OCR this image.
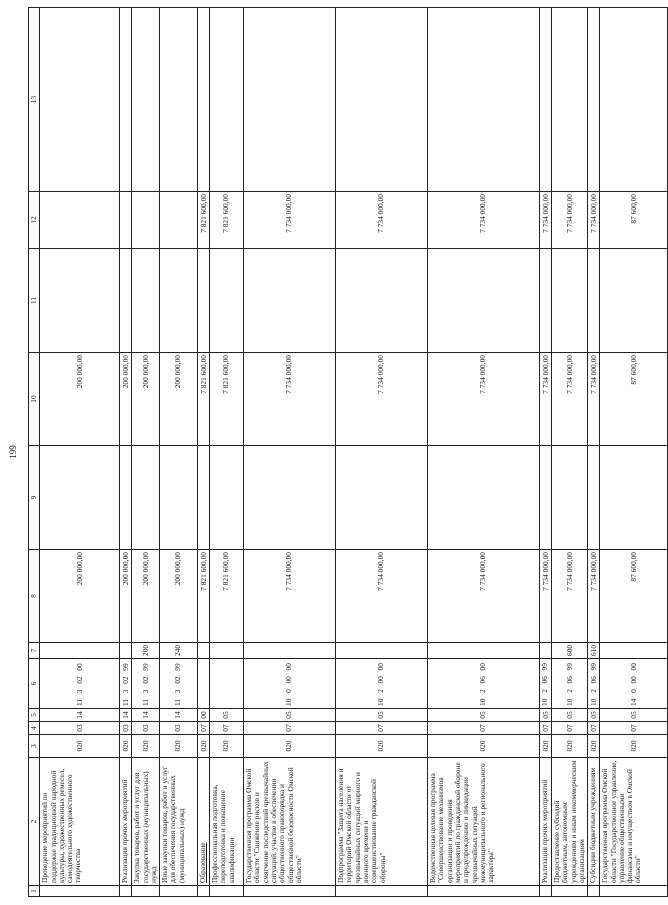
199
1	2	3	4	5	6	7	8	9	10	11	12	13
	Проведение мероприятий по поддержке традиционной народной культуры, художественных ремесел, самодеятельного художественного творчества	020	03	14	11  3  02  00		200 000,00		200 000,00			
	Реализация прочих мероприятий	020	03	14	11  3  02  99		200 000,00		200 000,00			
	Закупка товаров, работ и услуг для государственных (муниципальных) нужд	020	03	14	11  3  02  99	200	200 000,00		200 000,00			
	Иные закупки товаров, работ и услуг для обеспечения государственных (муниципальных) нужд	020	03	14	11  3  02  99	240	200 000,00		200 000,00			
	Образование	020	07	00			7 821 600,00		7 821 600,00		7 821 600,00	
	Профессиональная подготовка, переподготовка и повышение квалификации	020	07	05			7 821 600,00		7 821 600,00		7 821 600,00	
	Государственная программа Омской области "Снижение рисков и смягчение последствий чрезвычайных ситуаций, участие в обеспечении общественного правопорядка и общественной безопасности Омской области"	020	07	05	10  0  00  00		7 734 000,00		7 734 000,00		7 734 000,00	
	Подпрограмма "Защита населения и территорий Омской области от чрезвычайных ситуаций мирного и военного времени и совершенствование гражданской обороны"	020	07	05	10  2  00  00		7 734 000,00		7 734 000,00		7 734 000,00	
	Ведомственная целевая программа "Совершенствование механизмов организации и проведения мероприятий по гражданской обороне и предупреждению и ликвидации чрезвычайных ситуаций межмуниципального и регионального характера"	020	07	05	10  2  06  00		7 734 000,00		7 734 000,00		7 734 000,00	
	Реализация прочих мероприятий	020	07	05	10  2  06  99		7 734 000,00		7 734 000,00		7 734 000,00	
	Предоставление субсидий бюджетным, автономным учреждениям и иным некоммерческим организациям	020	07	05	10  2  06  99	600	7 734 000,00		7 734 000,00		7 734 000,00	
	Субсидии бюджетным учреждениям	020	07	05	10  2  06  99	610	7 734 000,00		7 734 000,00		7 734 000,00	
	Государственная программа Омской области "Государственное управление, управление общественными финансами и имуществом в Омской области"	020	07	05	14  0  00  00		87 600,00		87 600,00		87 600,00	
